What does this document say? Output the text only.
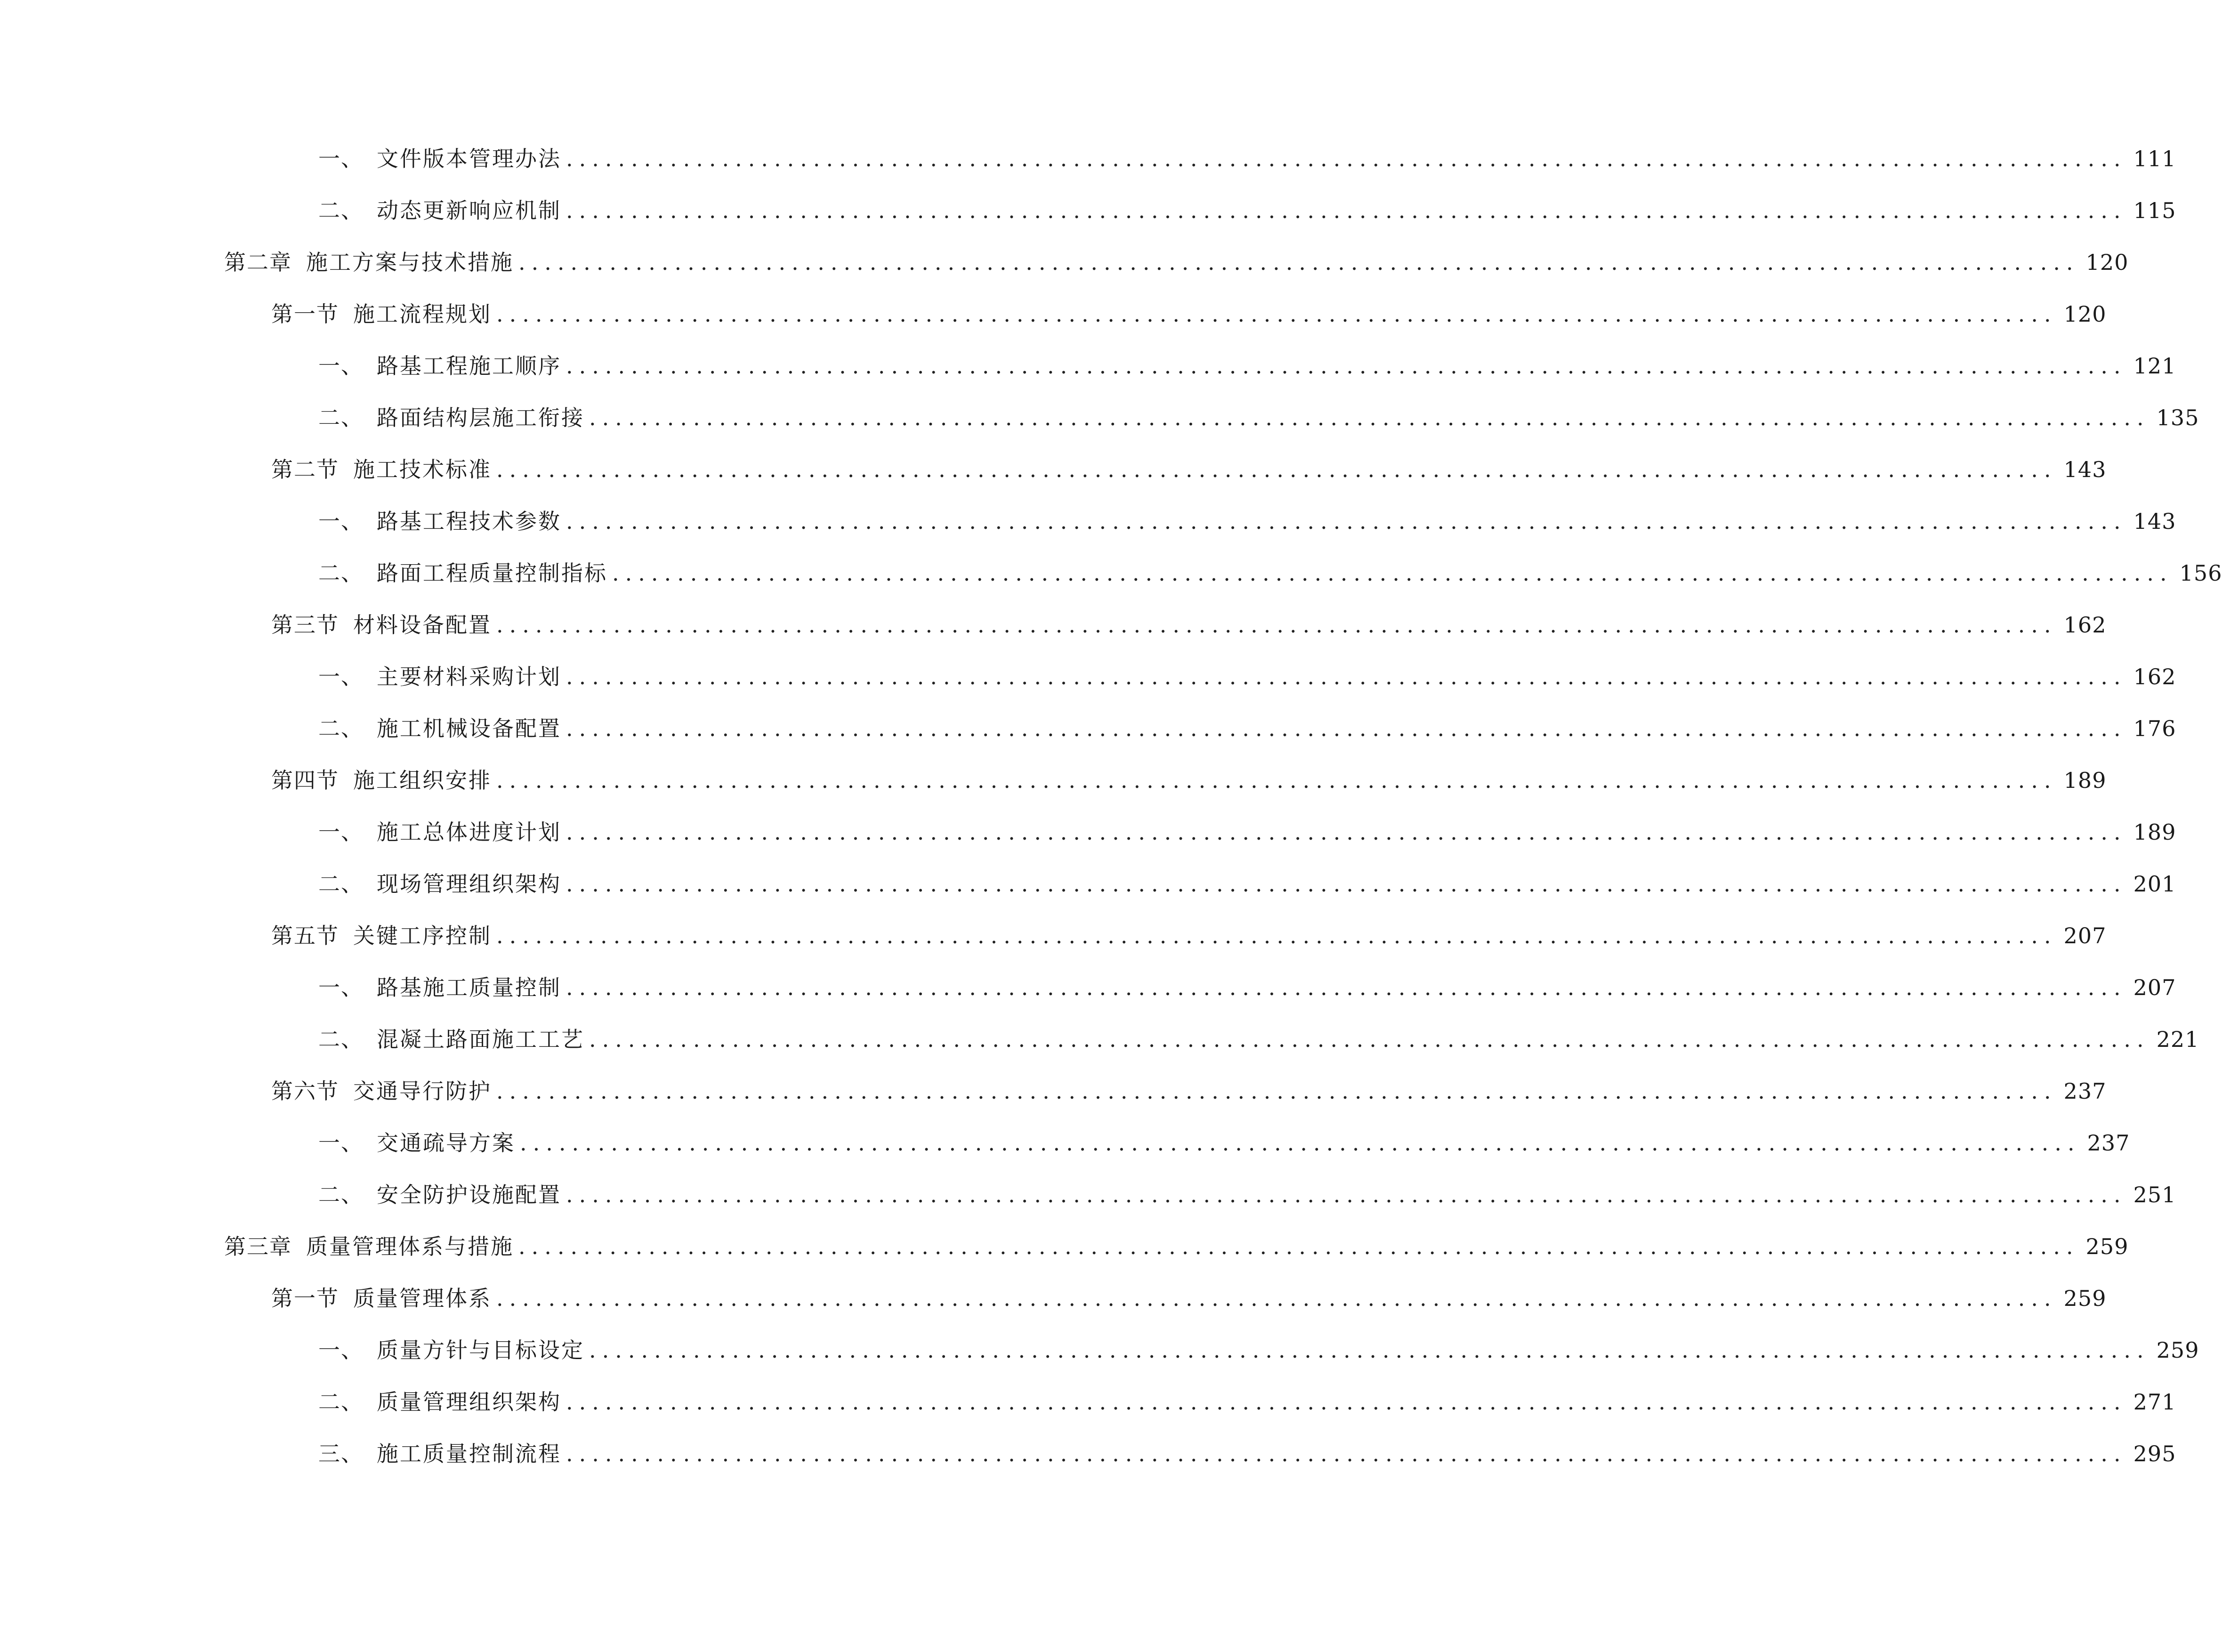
一、 文件版本管理办法 ........................................................................................................................ 111
二、 动态更新响应机制 ........................................................................................................................ 115
第二章 施工方案与技术措施 ........................................................................................................................ 120
第一节 施工流程规划 ........................................................................................................................ 120
一、 路基工程施工顺序 ........................................................................................................................ 121
二、 路面结构层施工衔接 ........................................................................................................................ 135
第二节 施工技术标准 ........................................................................................................................ 143
一、 路基工程技术参数 ........................................................................................................................ 143
二、 路面工程质量控制指标 ........................................................................................................................ 156
第三节 材料设备配置 ........................................................................................................................ 162
一、 主要材料采购计划 ........................................................................................................................ 162
二、 施工机械设备配置 ........................................................................................................................ 176
第四节 施工组织安排 ........................................................................................................................ 189
一、 施工总体进度计划 ........................................................................................................................ 189
二、 现场管理组织架构 ........................................................................................................................ 201
第五节 关键工序控制 ........................................................................................................................ 207
一、 路基施工质量控制 ........................................................................................................................ 207
二、 混凝土路面施工工艺 ........................................................................................................................ 221
第六节 交通导行防护 ........................................................................................................................ 237
一、 交通疏导方案 ........................................................................................................................ 237
二、 安全防护设施配置 ........................................................................................................................ 251
第三章 质量管理体系与措施 ........................................................................................................................ 259
第一节 质量管理体系 ........................................................................................................................ 259
一、 质量方针与目标设定 ........................................................................................................................ 259
二、 质量管理组织架构 ........................................................................................................................ 271
三、 施工质量控制流程 ........................................................................................................................ 295
